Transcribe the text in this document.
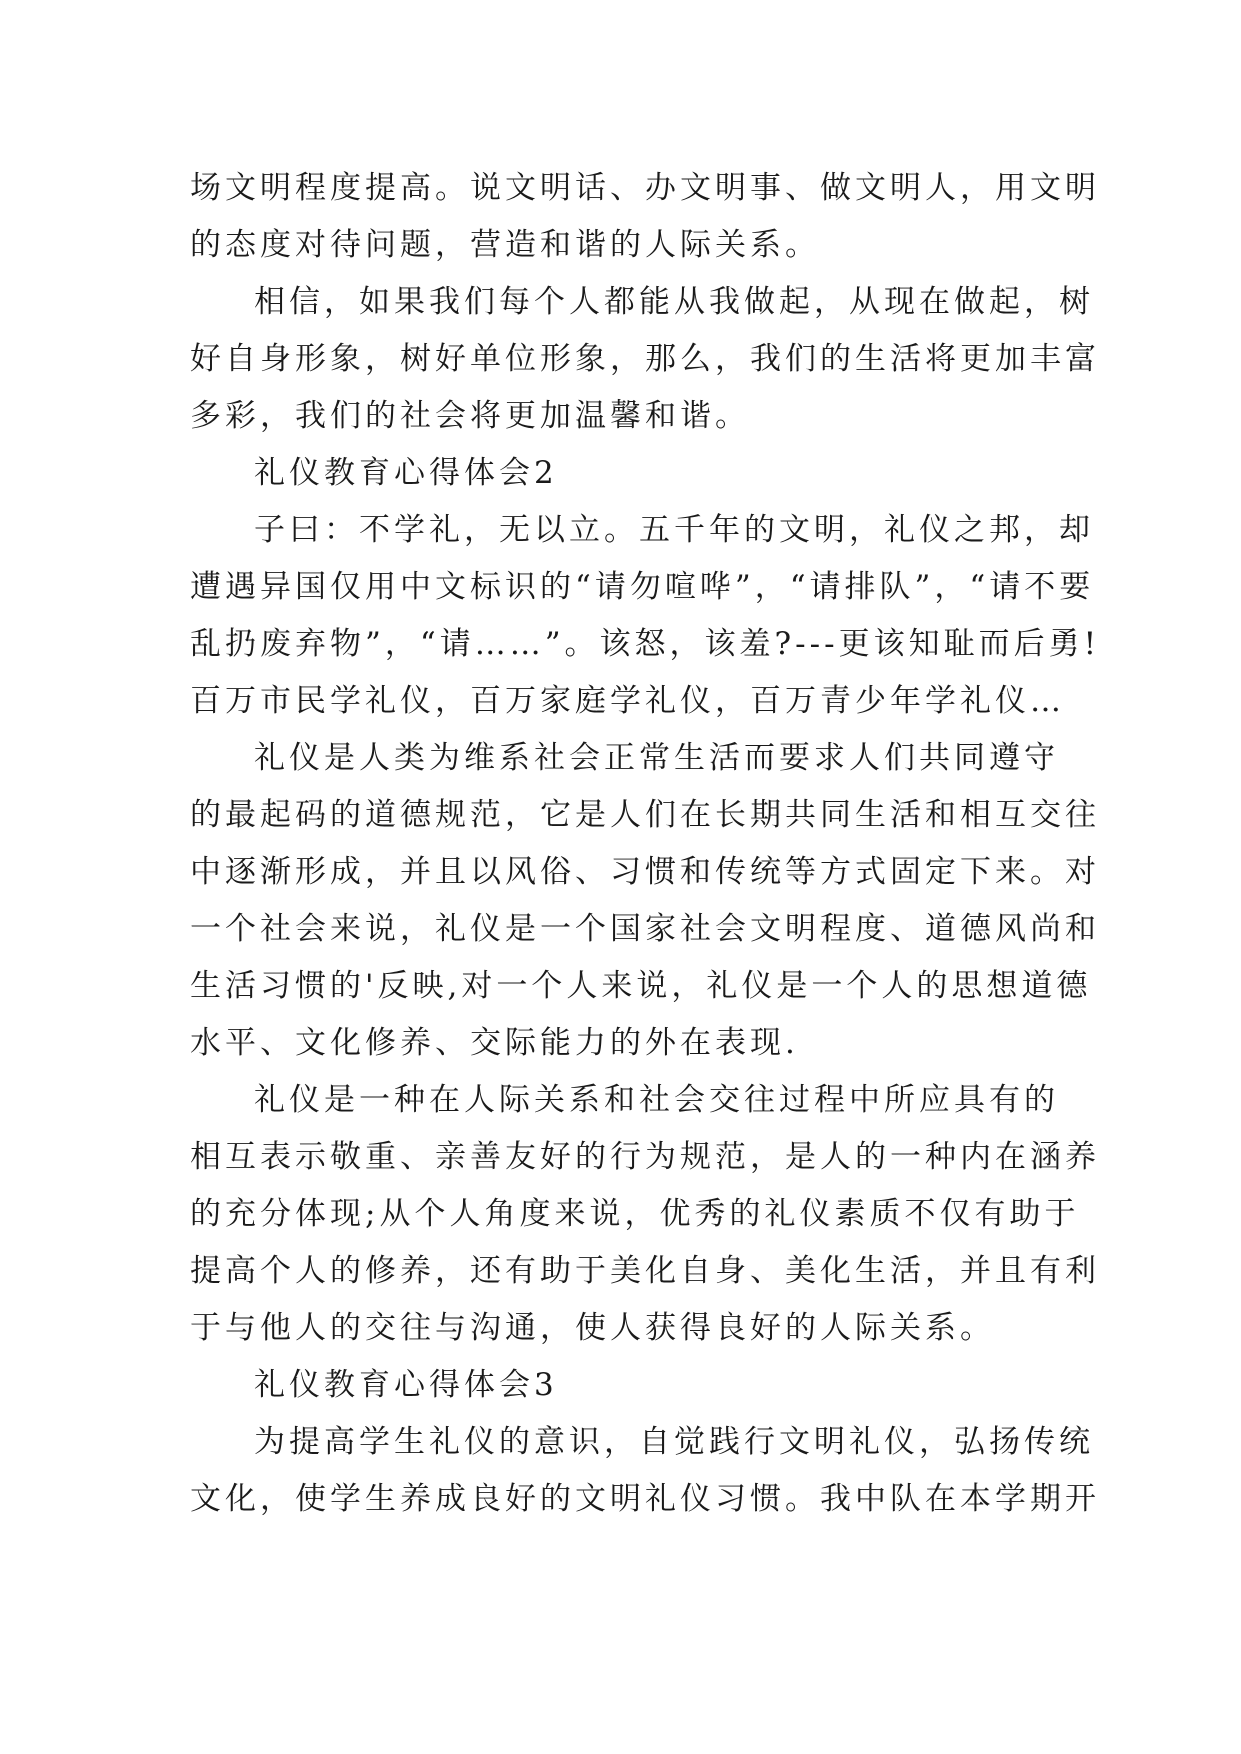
场文明程度提高。说文明话、办文明事、做文明人，用文明
的态度对待问题，营造和谐的人际关系。

相信，如果我们每个人都能从我做起，从现在做起，树
好自身形象，树好单位形象，那么，我们的生活将更加丰富
多彩，我们的社会将更加温馨和谐。

礼仪教育心得体会2

子曰：不学礼，无以立。五千年的文明，礼仪之邦，却
遭遇异国仅用中文标识的“请勿喧哗”，“请排队”，“请不要
乱扔废弃物”，“请……”。该怒，该羞?---更该知耻而后勇!
百万市民学礼仪，百万家庭学礼仪，百万青少年学礼仪…

礼仪是人类为维系社会正常生活而要求人们共同遵守
的最起码的道德规范，它是人们在长期共同生活和相互交往
中逐渐形成，并且以风俗、习惯和传统等方式固定下来。对
一个社会来说，礼仪是一个国家社会文明程度、道德风尚和
生活习惯的'反映,对一个人来说，礼仪是一个人的思想道德
水平、文化修养、交际能力的外在表现.

礼仪是一种在人际关系和社会交往过程中所应具有的
相互表示敬重、亲善友好的行为规范，是人的一种内在涵养
的充分体现;从个人角度来说，优秀的礼仪素质不仅有助于
提高个人的修养，还有助于美化自身、美化生活，并且有利
于与他人的交往与沟通，使人获得良好的人际关系。

礼仪教育心得体会3

为提高学生礼仪的意识，自觉践行文明礼仪，弘扬传统
文化，使学生养成良好的文明礼仪习惯。我中队在本学期开
